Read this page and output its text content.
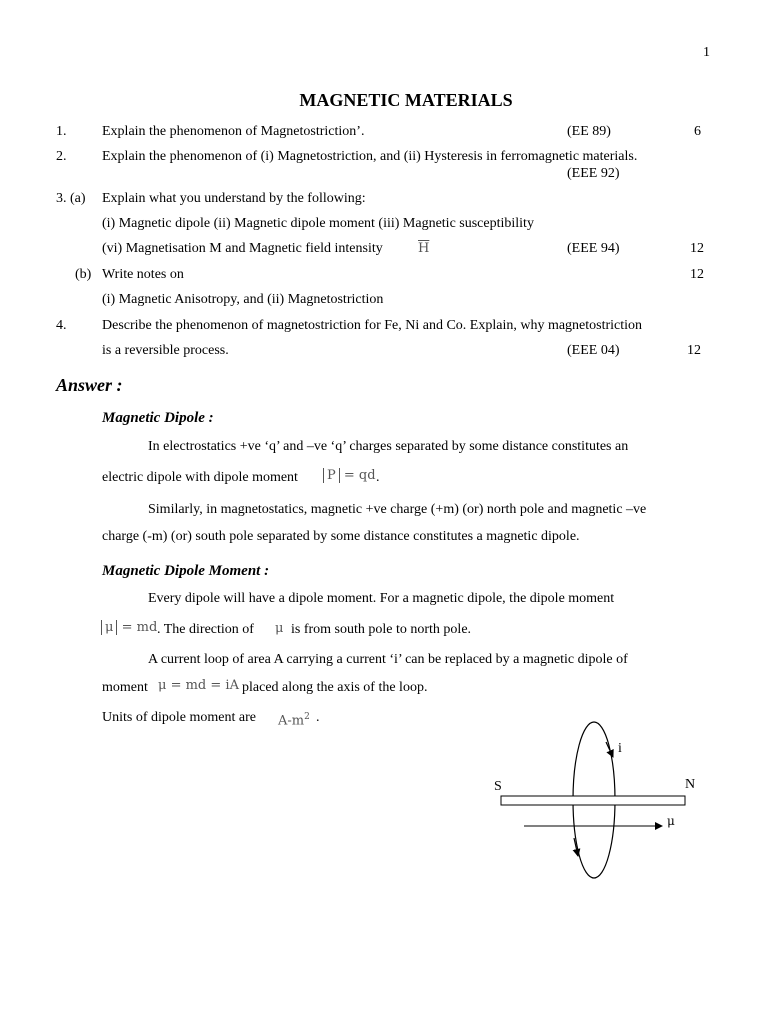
1
MAGNETIC MATERIALS
1.	Explain the phenomenon of Magnetostriction’.	(EE 89)	6
2.	Explain the phenomenon of (i) Magnetostriction, and (ii) Hysteresis in ferromagnetic materials.
(EEE 92)
3. (a) Explain what you understand by the following:
(i) Magnetic dipole (ii) Magnetic dipole moment (iii) Magnetic susceptibility
(vi) Magnetisation M and Magnetic field intensity	$\overline{H}$	(EEE 94)	12
(b) Write notes on	12
(i) Magnetic Anisotropy, and (ii) Magnetostriction
4.	Describe the phenomenon of magnetostriction for Fe, Ni and Co. Explain, why magnetostriction
is a reversible process.	(EEE 04)	12
Answer :
Magnetic Dipole :
In electrostatics +ve ‘q’ and –ve ‘q’ charges separated by some distance constitutes an
electric dipole with dipole moment	P = qd .
Similarly, in magnetostatics, magnetic +ve charge (+m) (or) north pole and magnetic –ve
charge (-m) (or) south pole separated by some distance constitutes a magnetic dipole.
Magnetic Dipole Moment :
Every dipole will have a dipole moment. For a magnetic dipole, the dipole moment
μ = md . The direction of μ is from south pole to north pole.
A current loop of area A carrying a current ‘i’ can be replaced by a magnetic dipole of
moment μ = md = iA placed along the axis of the loop.
Units of dipole moment are $A-m^2$ .
i
S	N
μ
